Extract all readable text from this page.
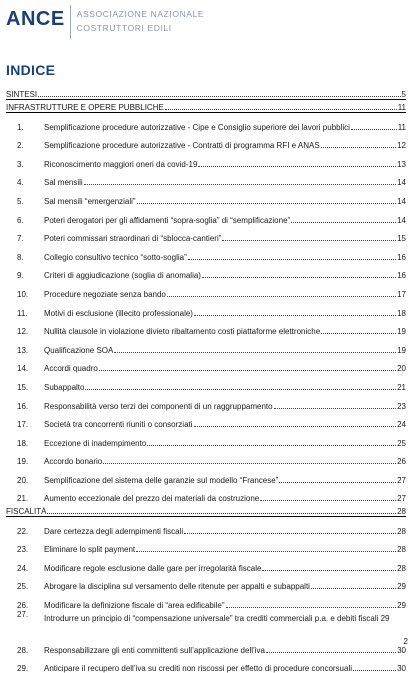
ANCE ASSOCIAZIONE NAZIONALE
COSTRUTTORI EDILI
INDICE
SINTESI	5
INFRASTRUTTURE E OPERE PUBBLICHE	11
1.	Semplificazione procedure autorizzative - Cipe e Consiglio superiore dei lavori pubblici	11
2.	Semplificazione procedure autorizzative - Contratti di programma RFI e ANAS	12
3.	Riconoscimento maggiori oneri da covid-19	13
4.	Sal mensili	14
5.	Sal mensili “emergenziali”	14
6.	Poteri derogatori per gli affidamenti “sopra-soglia” di “semplificazione”	14
7.	Poteri commissari straordinari di “sblocca-cantieri”	15
8.	Collegio consultivo tecnico “sotto-soglia”	16
9.	Criteri di aggiudicazione (soglia di anomalia)	16
10.	Procedure negoziate senza bando	17
11.	Motivi di esclusione (illecito professionale)	18
12.	Nullità clausole in violazione divieto ribaltamento costi piattaforme elettroniche	19
13.	Qualificazione SOA	19
14.	Accordi quadro	20
15.	Subappalto	21
16.	Responsabilità verso terzi dei componenti di un raggruppamento	23
17.	Società tra concorrenti riuniti o consorziati	24
18.	Eccezione di inadempimento	25
19.	Accordo bonario	26
20.	Semplificazione del sistema delle garanzie sul modello “Francese”	27
21.	Aumento eccezionale del prezzo dei materiali da costruzione	27
FISCALITÀ	28
22.	Dare certezza degli adempimenti fiscali	28
23.	Eliminare lo split payment	28
24.	Modificare regole esclusione dalle gare per irregolarità fiscale	28
25.	Abrogare la disciplina sul versamento delle ritenute per appalti e subappalti	29
26.	Modificare la definizione fiscale di “area edificabile”	29
27.	Introdurre un principio di “compensazione universale” tra crediti commerciali p.a. e debiti fiscali 29
28.	Responsabilizzare gli enti committenti sull’applicazione dell’iva	30
29.	Anticipare il recupero dell’iva su crediti non riscossi per effetto di procedure concorsuali	30
2
